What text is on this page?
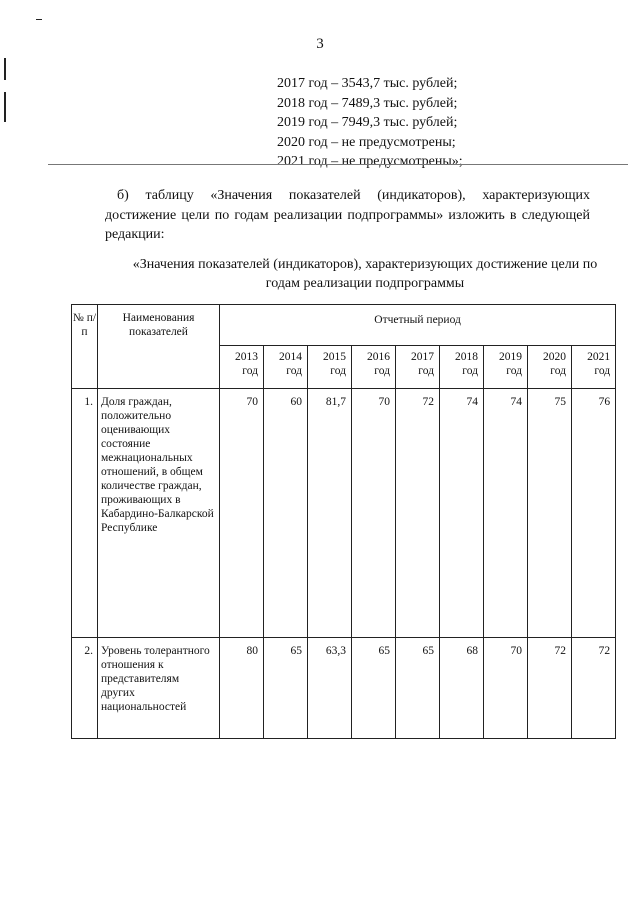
3
2017 год – 3543,7 тыс. рублей;
2018 год – 7489,3 тыс. рублей;
2019 год – 7949,3 тыс. рублей;
2020 год – не предусмотрены;
2021 год – не предусмотрены»;
б) таблицу «Значения показателей (индикаторов), характеризующих достижение цели по годам реализации подпрограммы» изложить в следующей редакции:
«Значения показателей (индикаторов), характеризующих достижение цели по годам реализации подпрограммы
№ п/п	Наименования показателей	Отчетный период								
		2013 год	2014 год	2015 год	2016 год	2017 год	2018 год	2019 год	2020 год	2021 год
1.	Доля граждан, положительно оценивающих состояние межнациональных отношений, в общем количестве граждан, проживающих в Кабардино-Балкарской Республике	70	60	81,7	70	72	74	74	75	76
2.	Уровень толерантного отношения к представителям других национальностей	80	65	63,3	65	65	68	70	72	72
